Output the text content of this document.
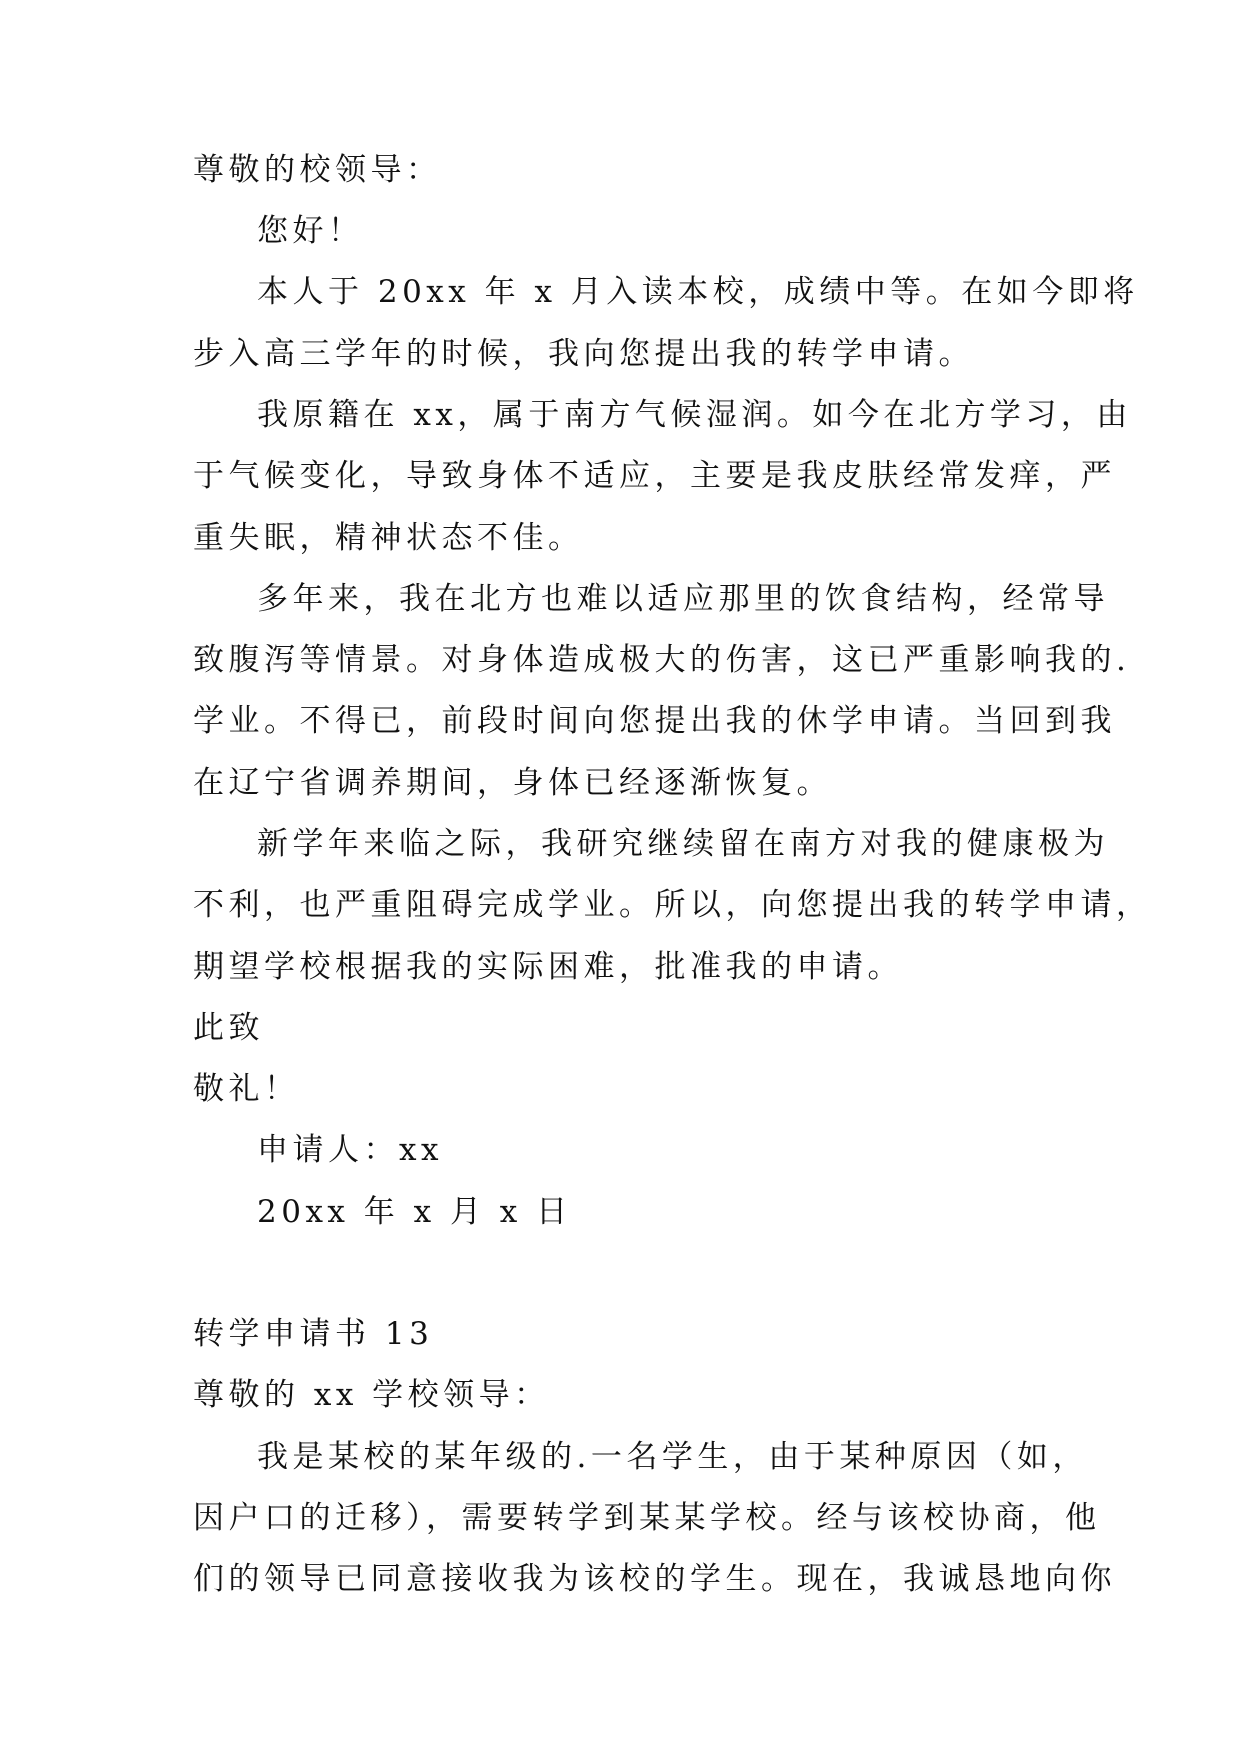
尊敬的校领导：
您好！
本人于 20xx 年 x 月入读本校，成绩中等。在如今即将
步入高三学年的时候，我向您提出我的转学申请。
我原籍在 xx，属于南方气候湿润。如今在北方学习，由
于气候变化，导致身体不适应，主要是我皮肤经常发痒，严
重失眠，精神状态不佳。
多年来，我在北方也难以适应那里的饮食结构，经常导
致腹泻等情景。对身体造成极大的伤害，这已严重影响我的.
学业。不得已，前段时间向您提出我的休学申请。当回到我
在辽宁省调养期间，身体已经逐渐恢复。
新学年来临之际，我研究继续留在南方对我的健康极为
不利，也严重阻碍完成学业。所以，向您提出我的转学申请，
期望学校根据我的实际困难，批准我的申请。
此致
敬礼！
申请人：xx
20xx 年 x 月 x 日
转学申请书 13
尊敬的 xx 学校领导：
我是某校的某年级的.一名学生，由于某种原因（如，
因户口的迁移），需要转学到某某学校。经与该校协商，他
们的领导已同意接收我为该校的学生。现在，我诚恳地向你
